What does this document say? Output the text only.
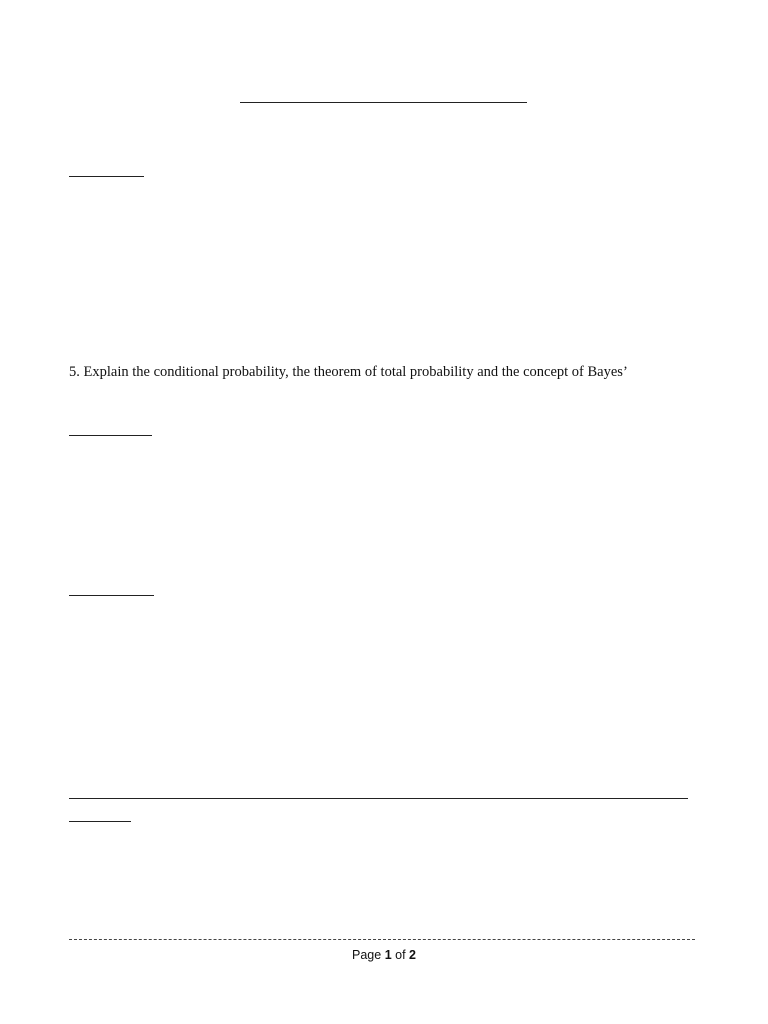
5. Explain the conditional probability, the theorem of total probability and the concept of Bayes’
Page 1 of 2
